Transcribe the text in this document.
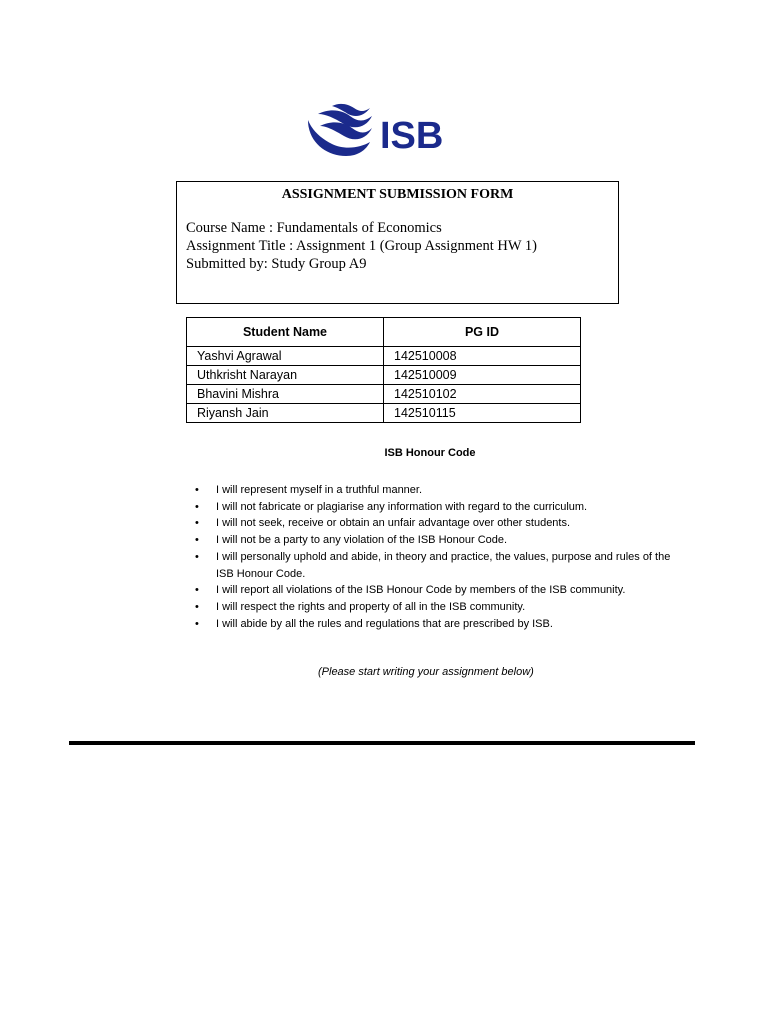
ISB
ASSIGNMENT SUBMISSION FORM
Course Name : Fundamentals of Economics
Assignment Title : Assignment 1 (Group Assignment HW 1)
Submitted by: Study Group A9
Student Name	PG ID
Yashvi Agrawal	142510008
Uthkrisht Narayan	142510009
Bhavini Mishra	142510102
Riyansh Jain	142510115
ISB Honour Code
• I will represent myself in a truthful manner.
• I will not fabricate or plagiarise any information with regard to the curriculum.
• I will not seek, receive or obtain an unfair advantage over other students.
• I will not be a party to any violation of the ISB Honour Code.
• I will personally uphold and abide, in theory and practice, the values, purpose and rules of the ISB Honour Code.
• I will report all violations of the ISB Honour Code by members of the ISB community.
• I will respect the rights and property of all in the ISB community.
• I will abide by all the rules and regulations that are prescribed by ISB.
(Please start writing your assignment below)
